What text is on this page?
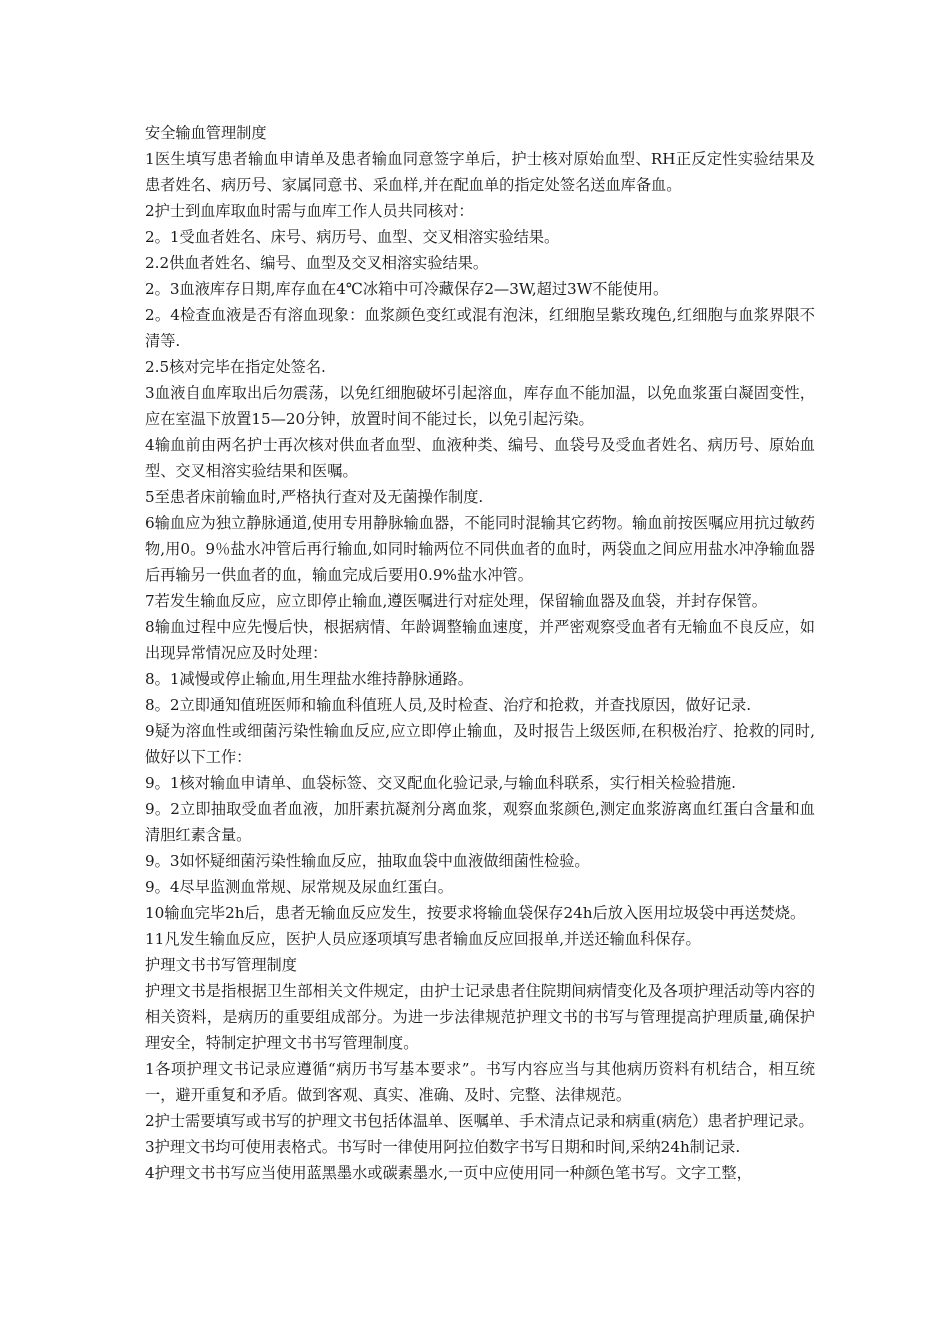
安全输血管理制度

1医生填写患者输血申请单及患者输血同意签字单后，护士核对原始血型、RH正反定性实验结果及患者姓名、病历号、家属同意书、采血样,并在配血单的指定处签名送血库备血。

2护士到血库取血时需与血库工作人员共同核对：

2。1受血者姓名、床号、病历号、血型、交叉相溶实验结果。

2.2供血者姓名、编号、血型及交叉相溶实验结果。

2。3血液库存日期,库存血在4℃冰箱中可冷藏保存2—3W,超过3W不能使用。

2。4检查血液是否有溶血现象：血浆颜色变红或混有泡沫，红细胞呈紫玫瑰色,红细胞与血浆界限不清等.

2.5核对完毕在指定处签名.

3血液自血库取出后勿震荡，以免红细胞破坏引起溶血，库存血不能加温，以免血浆蛋白凝固变性，应在室温下放置15—20分钟，放置时间不能过长，以免引起污染。

4输血前由两名护士再次核对供血者血型、血液种类、编号、血袋号及受血者姓名、病历号、原始血型、交叉相溶实验结果和医嘱。

5至患者床前输血时,严格执行查对及无菌操作制度.

6输血应为独立静脉通道,使用专用静脉输血器，不能同时混输其它药物。输血前按医嘱应用抗过敏药物,用0。9％盐水冲管后再行输血,如同时输两位不同供血者的血时，两袋血之间应用盐水冲净输血器后再输另一供血者的血，输血完成后要用0.9%盐水冲管。

7若发生输血反应，应立即停止输血,遵医嘱进行对症处理，保留输血器及血袋，并封存保管。

8输血过程中应先慢后快，根据病情、年龄调整输血速度，并严密观察受血者有无输血不良反应，如出现异常情况应及时处理：

8。1减慢或停止输血,用生理盐水维持静脉通路。

8。2立即通知值班医师和输血科值班人员,及时检查、治疗和抢救，并查找原因，做好记录.

9疑为溶血性或细菌污染性输血反应,应立即停止输血，及时报告上级医师,在积极治疗、抢救的同时,做好以下工作：

9。1核对输血申请单、血袋标签、交叉配血化验记录,与输血科联系，实行相关检验措施.

9。2立即抽取受血者血液，加肝素抗凝剂分离血浆，观察血浆颜色,测定血浆游离血红蛋白含量和血清胆红素含量。

9。3如怀疑细菌污染性输血反应，抽取血袋中血液做细菌性检验。

9。4尽早监测血常规、尿常规及尿血红蛋白。

10输血完毕2h后，患者无输血反应发生，按要求将输血袋保存24h后放入医用垃圾袋中再送焚烧。

11凡发生输血反应，医护人员应逐项填写患者输血反应回报单,并送还输血科保存。

护理文书书写管理制度

护理文书是指根据卫生部相关文件规定，由护士记录患者住院期间病情变化及各项护理活动等内容的相关资料，是病历的重要组成部分。为进一步法律规范护理文书的书写与管理提高护理质量,确保护理安全，特制定护理文书书写管理制度。

1各项护理文书记录应遵循“病历书写基本要求”。书写内容应当与其他病历资料有机结合，相互统一，避开重复和矛盾。做到客观、真实、准确、及时、完整、法律规范。

2护士需要填写或书写的护理文书包括体温单、医嘱单、手术清点记录和病重(病危）患者护理记录。

3护理文书均可使用表格式。书写时一律使用阿拉伯数字书写日期和时间,采纳24h制记录.

4护理文书书写应当使用蓝黑墨水或碳素墨水,一页中应使用同一种颜色笔书写。文字工整，
